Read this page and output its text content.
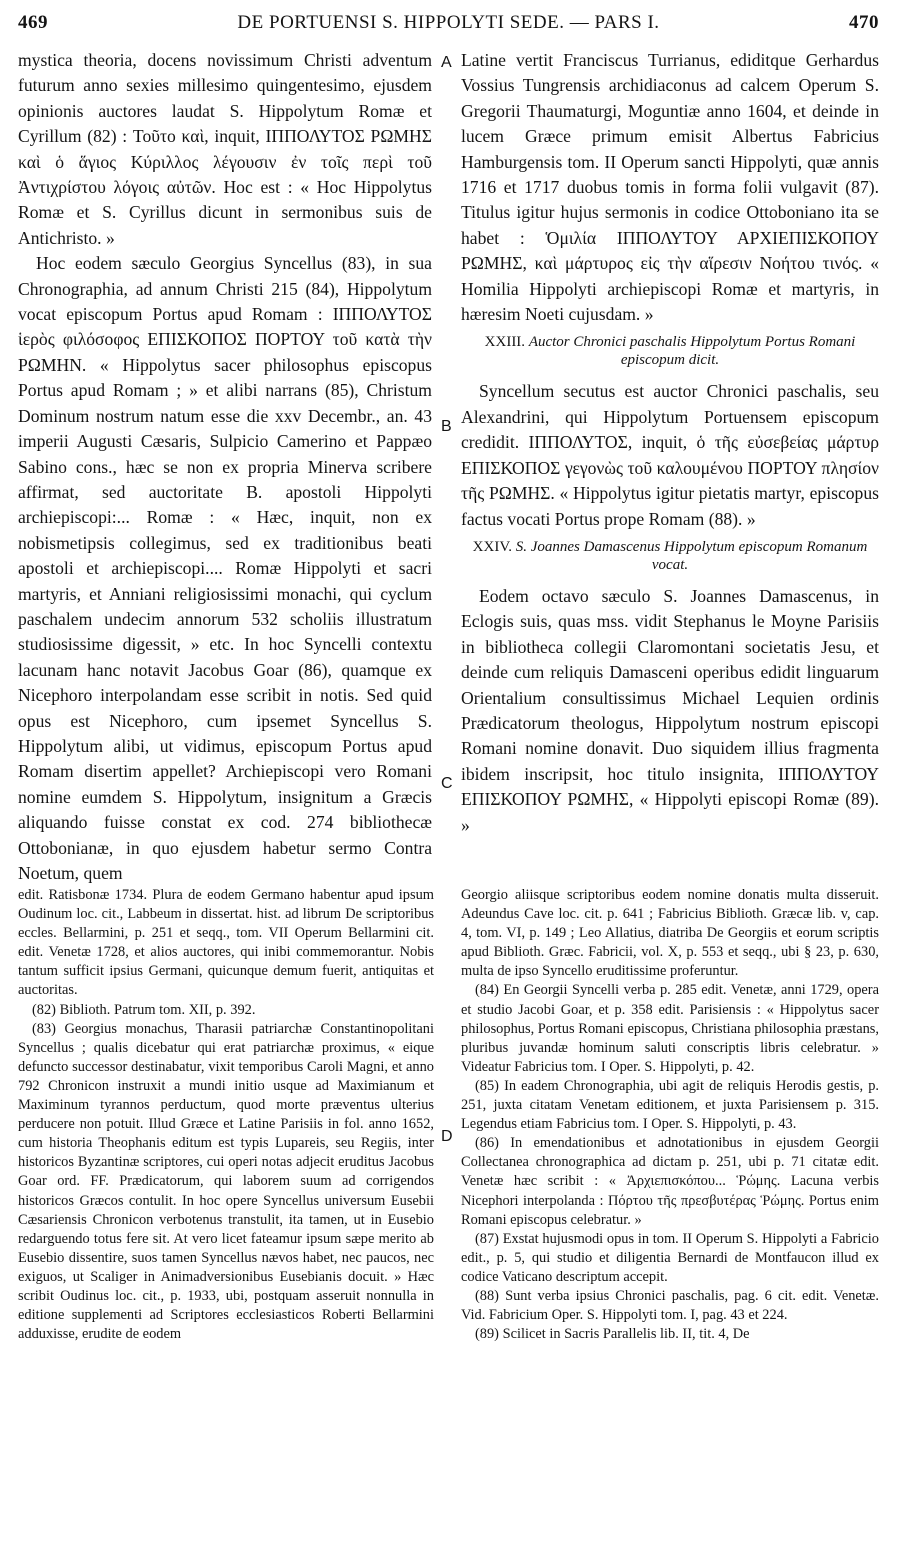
469	DE PORTUENSI S. HIPPOLYTI SEDE. — PARS I.	470

mystica theoria, docens novissimum Christi adventum futurum anno sexies millesimo quingentesimo, ejusdem opinionis auctores laudat S. Hippolytum Romæ et Cyrillum (82) : Τοῦτο καὶ, inquit, ΙΠΠΟΛΥΤΟΣ ΡΩΜΗΣ καὶ ὁ ἅγιος Κύριλλος λέγουσιν ἐν τοῖς περὶ τοῦ Ἀντιχρίστου λόγοις αὐτῶν. Hoc est : « Hoc Hippolytus Romæ et S. Cyrillus dicunt in sermonibus suis de Antichristo. »

Hoc eodem sæculo Georgius Syncellus (83), in sua Chronographia, ad annum Christi 215 (84), Hippolytum vocat episcopum Portus apud Romam : ΙΠΠΟΛΥΤΟΣ ἱερὸς φιλόσοφος ΕΠΙΣΚΟΠΟΣ ΠΟΡΤΟΥ τοῦ κατὰ τὴν ΡΩΜΗΝ. « Hippolytus sacer philosophus episcopus Portus apud Romam ; » et alibi narrans (85), Christum Dominum nostrum natum esse die xxv Decembr., an. 43 imperii Augusti Cæsaris, Sulpicio Camerino et Pappæo Sabino cons., hæc se non ex propria Minerva scribere affirmat, sed auctoritate B. apostoli Hippolyti archiepiscopi:... Romæ : « Hæc, inquit, non ex nobismetipsis collegimus, sed ex traditionibus beati apostoli et archiepiscopi.... Romæ Hippolyti et sacri martyris, et Anniani religiosissimi monachi, qui cyclum paschalem undecim annorum 532 scholiis illustratum studiosissime digessit, » etc. In hoc Syncelli contextu lacunam hanc notavit Jacobus Goar (86), quamque ex Nicephoro interpolandam esse scribit in notis. Sed quid opus est Nicephoro, cum ipsemet Syncellus S. Hippolytum alibi, ut vidimus, episcopum Portus apud Romam disertim appellet? Archiepiscopi vero Romani nomine eumdem S. Hippolytum, insignitum a Græcis aliquando fuisse constat ex cod. 274 bibliothecæ Ottobonianæ, in quo ejusdem habetur sermo Contra Noetum, quem

Latine vertit Franciscus Turrianus, ediditque Gerhardus Vossius Tungrensis archidiaconus ad calcem Operum S. Gregorii Thaumaturgi, Moguntiæ anno 1604, et deinde in lucem Græce primum emisit Albertus Fabricius Hamburgensis tom. II Operum sancti Hippolyti, quæ annis 1716 et 1717 duobus tomis in forma folii vulgavit (87). Titulus igitur hujus sermonis in codice Ottoboniano ita se habet : Ὁμιλία ΙΠΠΟΛΥΤΟΥ ΑΡΧΙΕΠΙΣΚΟΠΟΥ ΡΩΜΗΣ, καὶ μάρτυρος εἰς τὴν αἵρεσιν Νοήτου τινός. « Homilia Hippolyti archiepiscopi Romæ et martyris, in hæresim Noeti cujusdam. »

XXIII. Auctor Chronici paschalis Hippolytum Portus Romani episcopum dicit.

Syncellum secutus est auctor Chronici paschalis, seu Alexandrini, qui Hippolytum Portuensem episcopum credidit. ΙΠΠΟΛΥΤΟΣ, inquit, ὁ τῆς εὐσεβείας μάρτυρ ΕΠΙΣΚΟΠΟΣ γεγονὼς τοῦ καλουμένου ΠΟΡΤΟΥ πλησίον τῆς ΡΩΜΗΣ. « Hippolytus igitur pietatis martyr, episcopus factus vocati Portus prope Romam (88). »

XXIV. S. Joannes Damascenus Hippolytum episcopum Romanum vocat.

Eodem octavo sæculo S. Joannes Damascenus, in Eclogis suis, quas mss. vidit Stephanus le Moyne Parisiis in bibliotheca collegii Claromontani societatis Jesu, et deinde cum reliquis Damasceni operibus edidit linguarum Orientalium consultissimus Michael Lequien ordinis Prædicatorum theologus, Hippolytum nostrum episcopi Romani nomine donavit. Duo siquidem illius fragmenta ibidem inscripsit, hoc titulo insignita, ΙΠΠΟΛΥΤΟΥ ΕΠΙΣΚΟΠΟΥ ΡΩΜΗΣ, « Hippolyti episcopi Romæ (89). »

A
B
C
D

edit. Ratisbonæ 1734. Plura de eodem Germano habentur apud ipsum Oudinum loc. cit., Labbeum in dissertat. hist. ad librum De scriptoribus eccles. Bellarmini, p. 251 et seqq., tom. VII Operum Bellarmini cit. edit. Venetæ 1728, et alios auctores, qui inibi commemorantur. Nobis tantum sufficit ipsius Germani, quicunque demum fuerit, antiquitas et auctoritas.

(82) Biblioth. Patrum tom. XII, p. 392.

(83) Georgius monachus, Tharasii patriarchæ Constantinopolitani Syncellus ; qualis dicebatur qui erat patriarchæ proximus, « eique defuncto successor destinabatur, vixit temporibus Caroli Magni, et anno 792 Chronicon instruxit a mundi initio usque ad Maximianum et Maximinum tyrannos perductum, quod morte præventus ulterius perducere non potuit. Illud Græce et Latine Parisiis in fol. anno 1652, cum historia Theophanis editum est typis Lupareis, seu Regiis, inter historicos Byzantinæ scriptores, cui operi notas adjecit eruditus Jacobus Goar ord. FF. Prædicatorum, qui laborem suum ad corrigendos historicos Græcos contulit. In hoc opere Syncellus universum Eusebii Cæsariensis Chronicon verbotenus transtulit, ita tamen, ut in Eusebio redarguendo totus fere sit. At vero licet fateamur ipsum sæpe merito ab Eusebio dissentire, suos tamen Syncellus nævos habet, nec paucos, nec exiguos, ut Scaliger in Animadversionibus Eusebianis docuit. » Hæc scribit Oudinus loc. cit., p. 1933, ubi, postquam asseruit nonnulla in editione supplementi ad Scriptores ecclesiasticos Roberti Bellarmini adduxisse, erudite de eodem

Georgio aliisque scriptoribus eodem nomine donatis multa disseruit. Adeundus Cave loc. cit. p. 641 ; Fabricius Biblioth. Græcæ lib. v, cap. 4, tom. VI, p. 149 ; Leo Allatius, diatriba De Georgiis et eorum scriptis apud Biblioth. Græc. Fabricii, vol. X, p. 553 et seqq., ubi § 23, p. 630, multa de ipso Syncello eruditissime proferuntur.

(84) En Georgii Syncelli verba p. 285 edit. Venetæ, anni 1729, opera et studio Jacobi Goar, et p. 358 edit. Parisiensis : « Hippolytus sacer philosophus, Portus Romani episcopus, Christiana philosophia præstans, pluribus juvandæ hominum saluti conscriptis libris celebratur. » Videatur Fabricius tom. I Oper. S. Hippolyti, p. 42.

(85) In eadem Chronographia, ubi agit de reliquis Herodis gestis, p. 251, juxta citatam Venetam editionem, et juxta Parisiensem p. 315. Legendus etiam Fabricius tom. I Oper. S. Hippolyti, p. 43.

(86) In emendationibus et adnotationibus in ejusdem Georgii Collectanea chronographica ad dictam p. 251, ubi p. 71 citatæ edit. Venetæ hæc scribit : « Ἀρχιεπισκόπου... Ῥώμης. Lacuna verbis Nicephori interpolanda : Πόρτου τῆς πρεσβυτέρας Ῥώμης. Portus enim Romani episcopus celebratur. »

(87) Exstat hujusmodi opus in tom. II Operum S. Hippolyti a Fabricio edit., p. 5, qui studio et diligentia Bernardi de Montfaucon illud ex codice Vaticano descriptum accepit.

(88) Sunt verba ipsius Chronici paschalis, pag. 6 cit. edit. Venetæ. Vid. Fabricium Oper. S. Hippolyti tom. I, pag. 43 et 224.

(89) Scilicet in Sacris Parallelis lib. II, tit. 4, De
